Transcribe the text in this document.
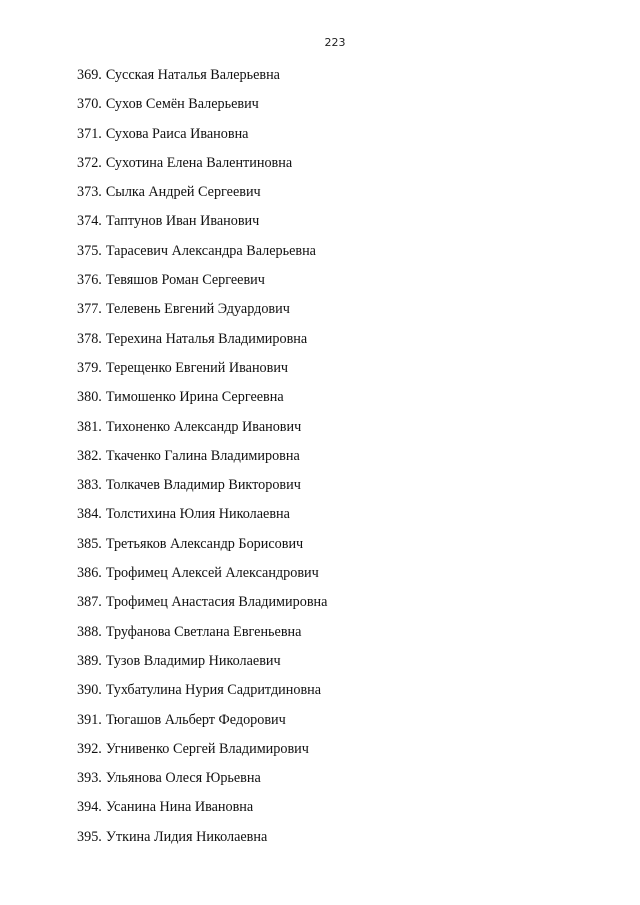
223
369. Сусская Наталья Валерьевна
370. Сухов Семён Валерьевич
371. Сухова Раиса Ивановна
372. Сухотина Елена Валентиновна
373. Сылка Андрей Сергеевич
374. Таптунов Иван Иванович
375. Тарасевич Александра Валерьевна
376. Тевяшов Роман Сергеевич
377. Телевень Евгений Эдуардович
378. Терехина Наталья Владимировна
379. Терещенко Евгений Иванович
380. Тимошенко Ирина Сергеевна
381. Тихоненко Александр Иванович
382. Ткаченко Галина Владимировна
383. Толкачев Владимир Викторович
384. Толстихина Юлия Николаевна
385. Третьяков Александр Борисович
386. Трофимец Алексей Александрович
387. Трофимец Анастасия Владимировна
388. Труфанова Светлана Евгеньевна
389. Тузов Владимир Николаевич
390. Тухбатулина Нурия Садритдиновна
391. Тюгашов Альберт Федорович
392. Угнивенко Сергей Владимирович
393. Ульянова Олеся Юрьевна
394. Усанина Нина Ивановна
395. Уткина Лидия Николаевна
